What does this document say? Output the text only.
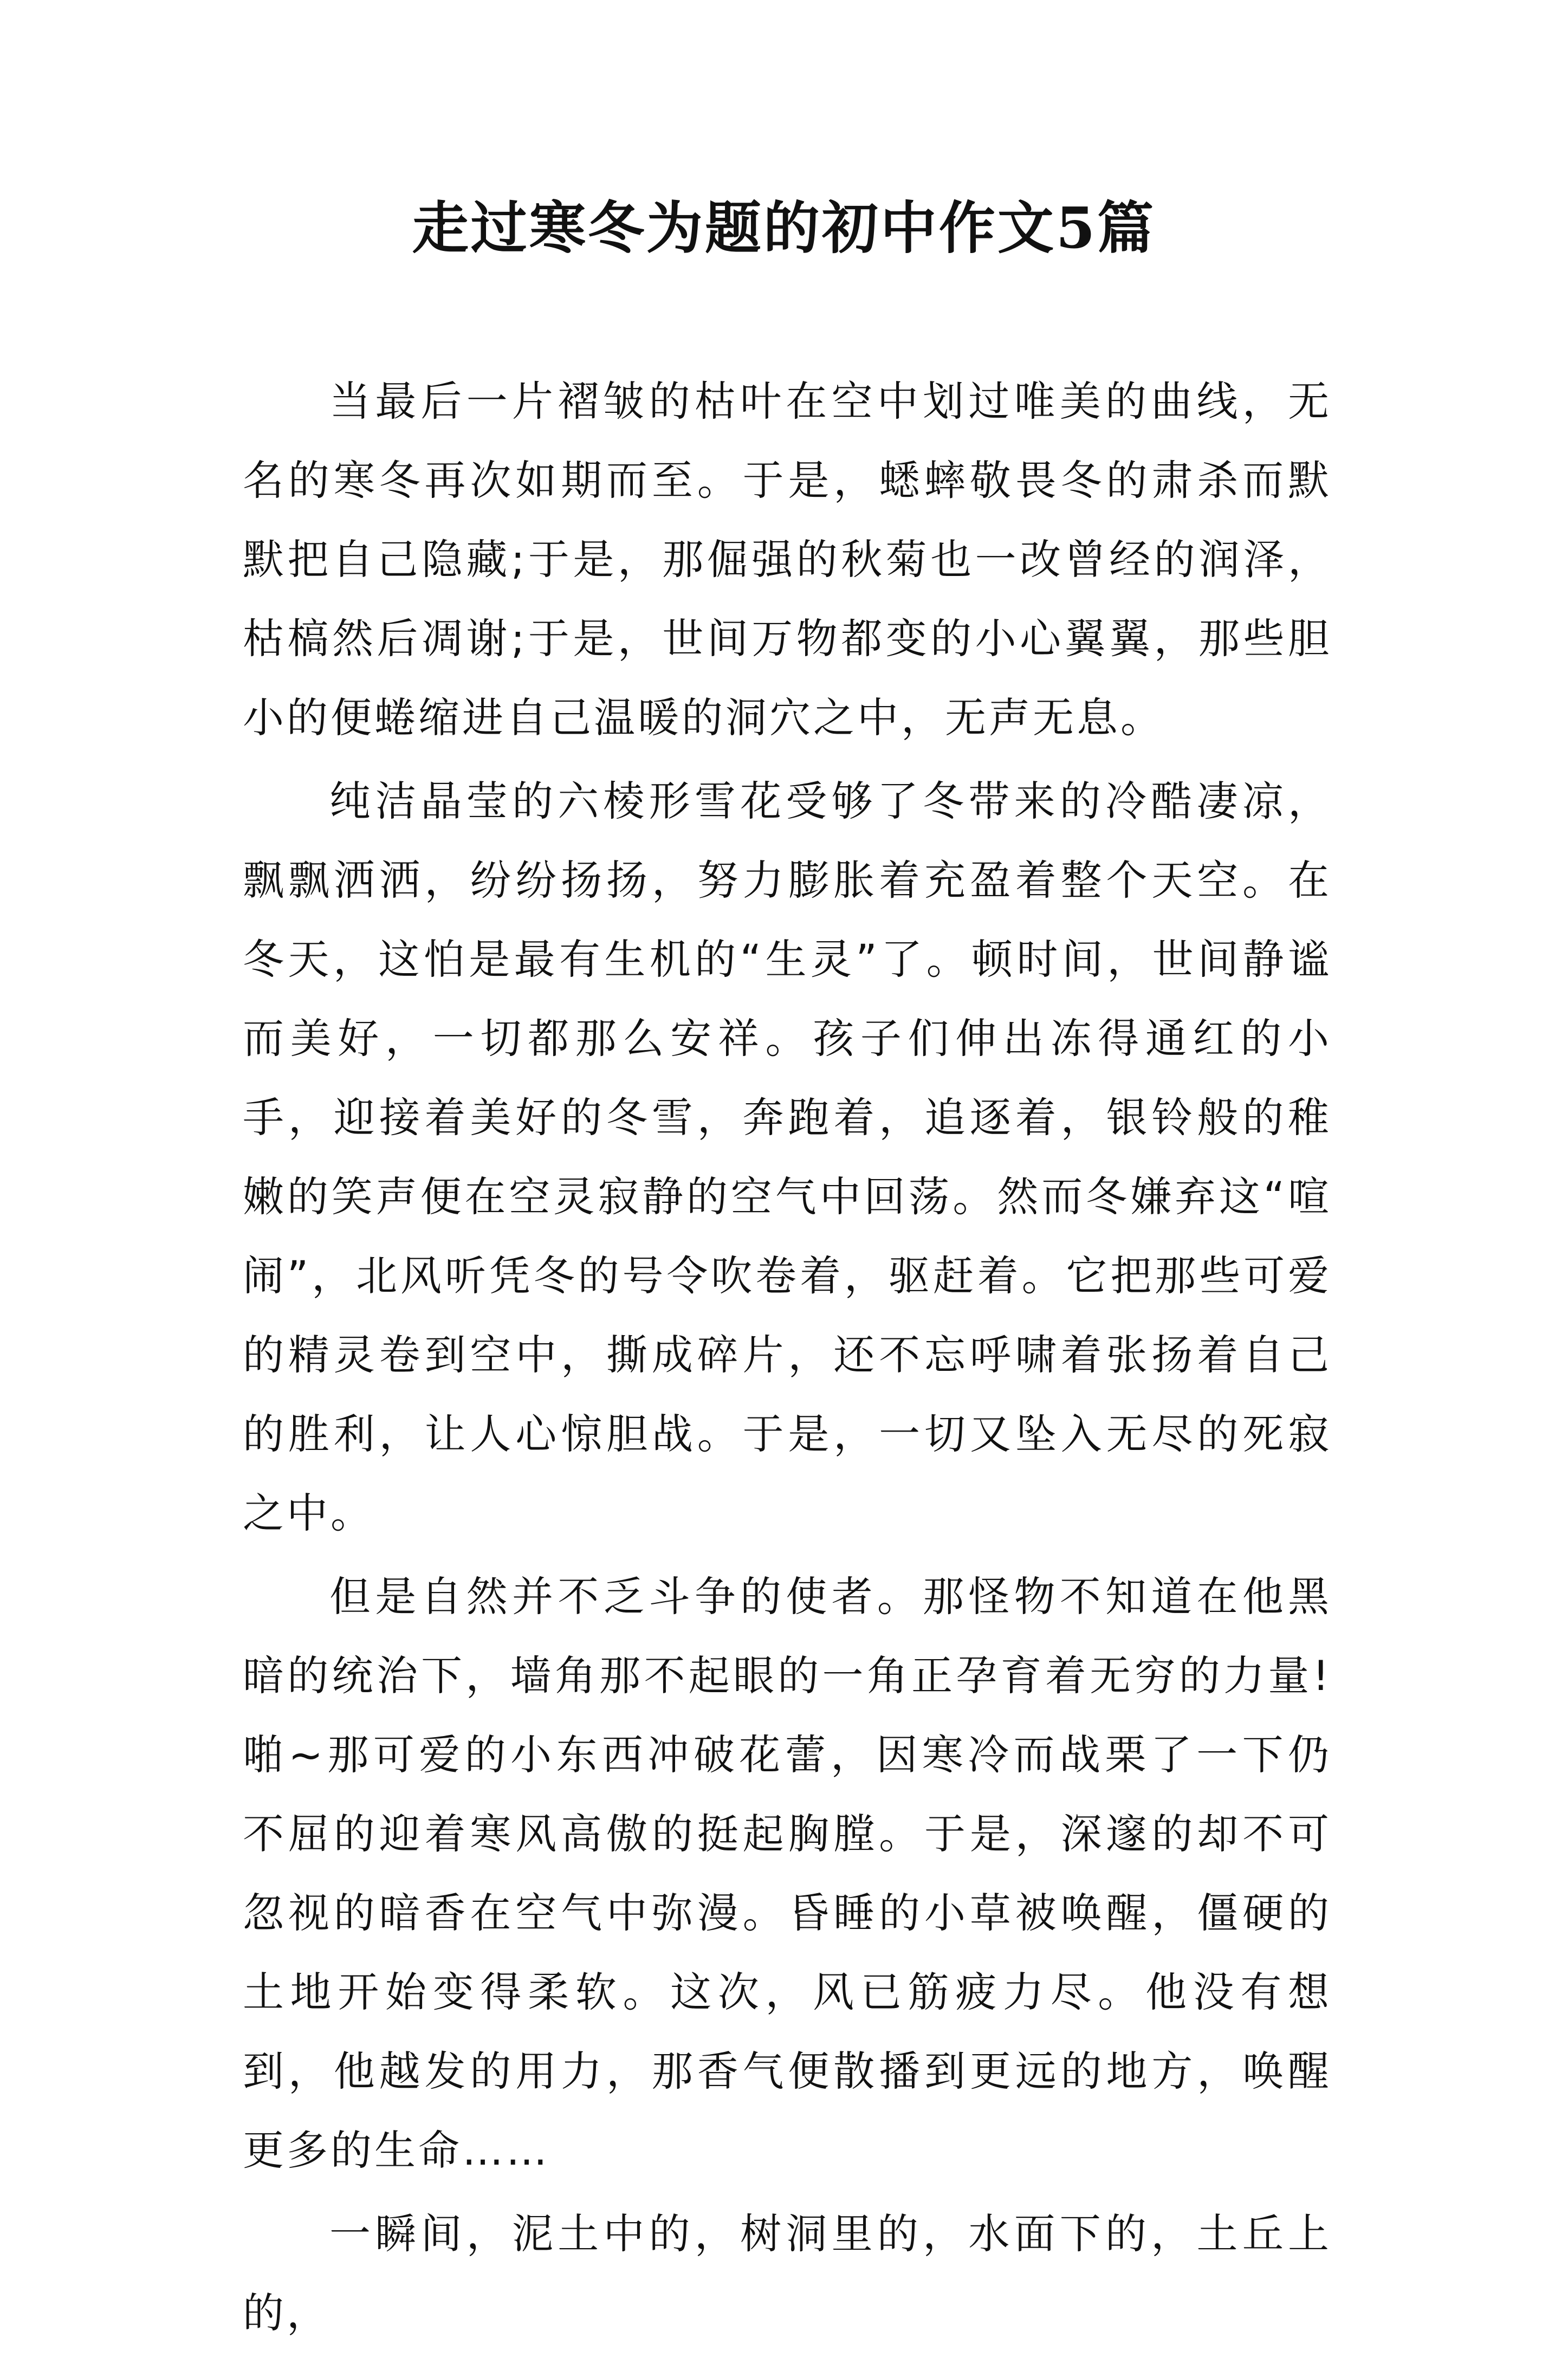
走过寒冬为题的初中作文5篇

当最后一片褶皱的枯叶在空中划过唯美的曲线，无名的寒冬再次如期而至。于是，蟋蟀敬畏冬的肃杀而默默把自己隐藏;于是，那倔强的秋菊也一改曾经的润泽，枯槁然后凋谢;于是，世间万物都变的小心翼翼，那些胆小的便蜷缩进自己温暖的洞穴之中，无声无息。

纯洁晶莹的六棱形雪花受够了冬带来的冷酷凄凉，飘飘洒洒，纷纷扬扬，努力膨胀着充盈着整个天空。在冬天，这怕是最有生机的“生灵”了。顿时间，世间静谧而美好，一切都那么安祥。孩子们伸出冻得通红的小手，迎接着美好的冬雪，奔跑着，追逐着，银铃般的稚嫩的笑声便在空灵寂静的空气中回荡。然而冬嫌弃这“喧闹”，北风听凭冬的号令吹卷着，驱赶着。它把那些可爱的精灵卷到空中，撕成碎片，还不忘呼啸着张扬着自己的胜利，让人心惊胆战。于是，一切又坠入无尽的死寂之中。

但是自然并不乏斗争的使者。那怪物不知道在他黑暗的统治下，墙角那不起眼的一角正孕育着无穷的力量!啪~那可爱的小东西冲破花蕾，因寒冷而战栗了一下仍不屈的迎着寒风高傲的挺起胸膛。于是，深邃的却不可忽视的暗香在空气中弥漫。昏睡的小草被唤醒，僵硬的土地开始变得柔软。这次，风已筋疲力尽。他没有想到，他越发的用力，那香气便散播到更远的地方，唤醒更多的生命……

一瞬间，泥土中的，树洞里的，水面下的，土丘上的，
